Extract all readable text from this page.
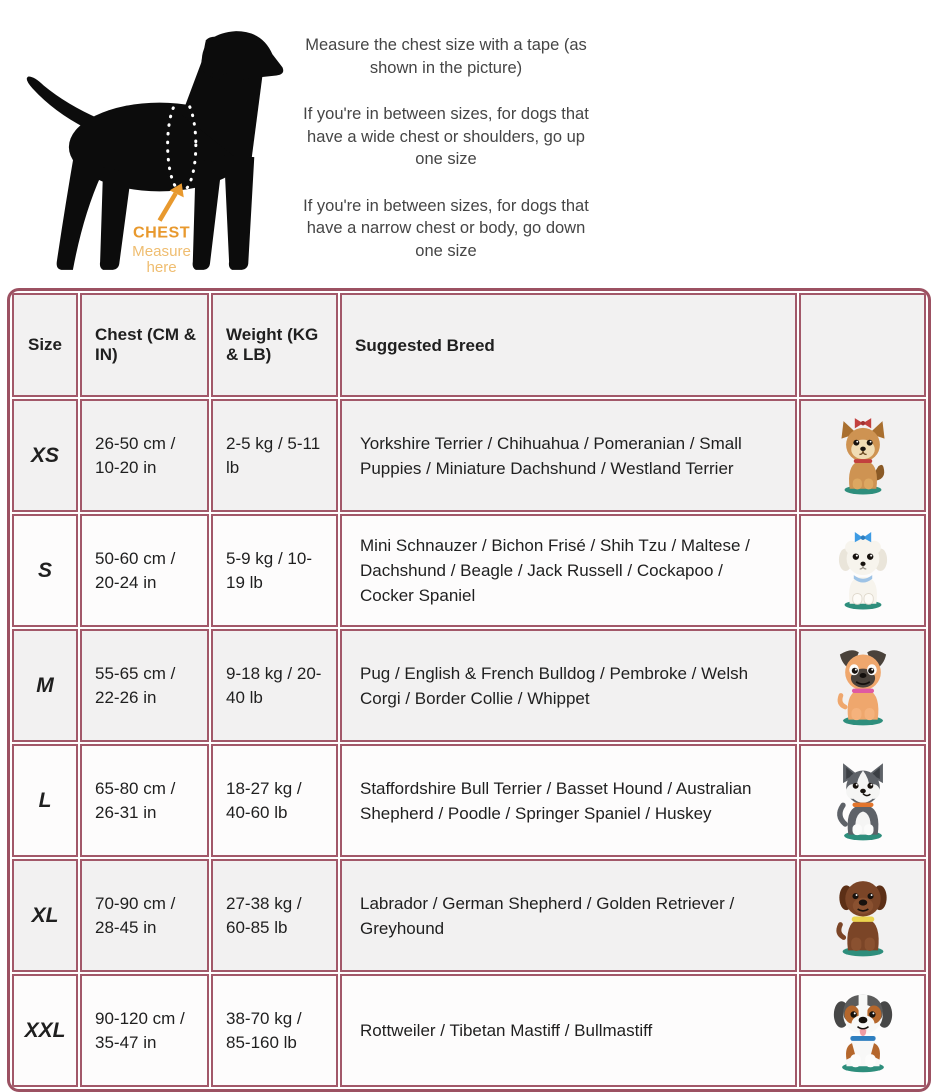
CHEST
Measure
here

Measure the chest size with a tape (as shown in the picture)

If you're in between sizes, for dogs that have a wide chest or shoulders, go up one size

If you're in between sizes, for dogs that have a narrow chest or body, go down one size

Size	Chest (CM & IN)	Weight (KG & LB)	Suggested Breed	
XS	26-50 cm / 10-20 in	2-5 kg / 5-11 lb	Yorkshire Terrier / Chihuahua / Pomeranian / Small Puppies / Miniature Dachshund / Westland Terrier	

S	50-60 cm / 20-24 in	5-9 kg / 10-19 lb	Mini Schnauzer / Bichon Frisé / Shih Tzu / Maltese / Dachshund / Beagle / Jack Russell / Cockapoo / Cocker Spaniel	

M	55-65 cm / 22-26 in	9-18 kg / 20-40 lb	Pug / English & French Bulldog / Pembroke / Welsh Corgi / Border Collie / Whippet	

L	65-80 cm / 26-31 in	18-27 kg / 40-60 lb	Staffordshire Bull Terrier / Basset Hound / Australian Shepherd / Poodle / Springer Spaniel / Huskey	

XL	70-90 cm / 28-45 in	27-38 kg / 60-85 lb	Labrador / German Shepherd / Golden Retriever / Greyhound	

XXL	90-120 cm / 35-47 in	38-70 kg / 85-160 lb	Rottweiler / Tibetan Mastiff / Bullmastiff	
